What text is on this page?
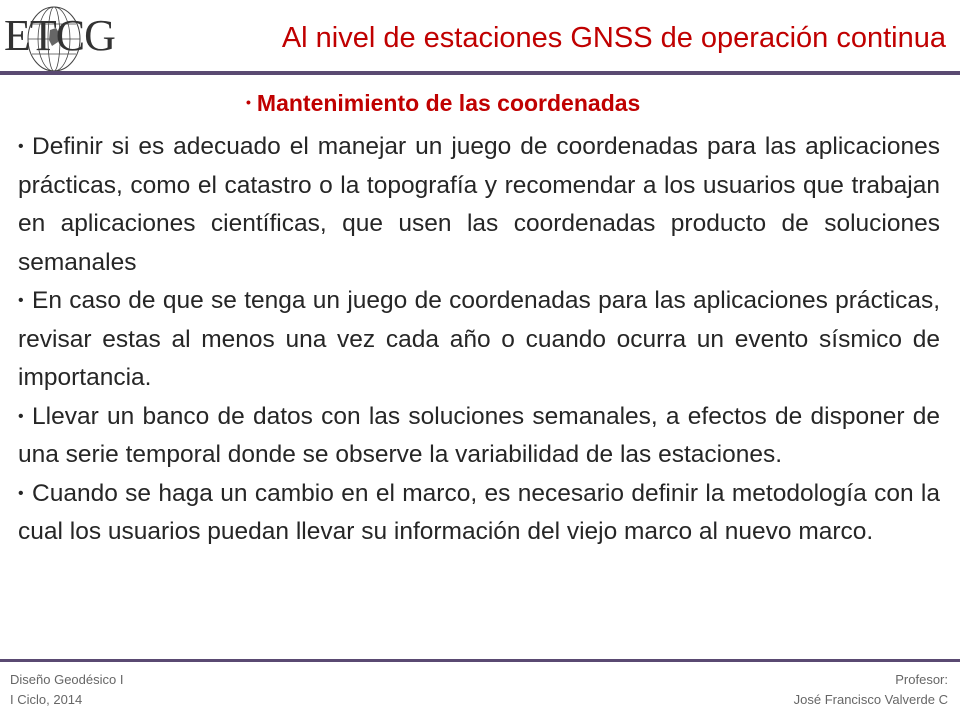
ETCG	Al nivel de estaciones GNSS de operación continua
• Mantenimiento de las coordenadas

• Definir si es adecuado el manejar un juego de coordenadas para las aplicaciones prácticas, como el catastro o la topografía y recomendar a los usuarios que trabajan en aplicaciones científicas, que usen las coordenadas producto de soluciones semanales

• En caso de que se tenga un juego de coordenadas para las aplicaciones prácticas, revisar estas al menos una vez cada año o cuando ocurra un evento sísmico de importancia.

• Llevar un banco de datos con las soluciones semanales, a efectos de disponer de una serie temporal donde se observe la variabilidad de las estaciones.

• Cuando se haga un cambio en el marco, es necesario definir la metodología con la cual los usuarios puedan llevar su información del viejo marco al nuevo marco.

Diseño Geodésico I
I Ciclo, 2014
Profesor:
José Francisco Valverde C
